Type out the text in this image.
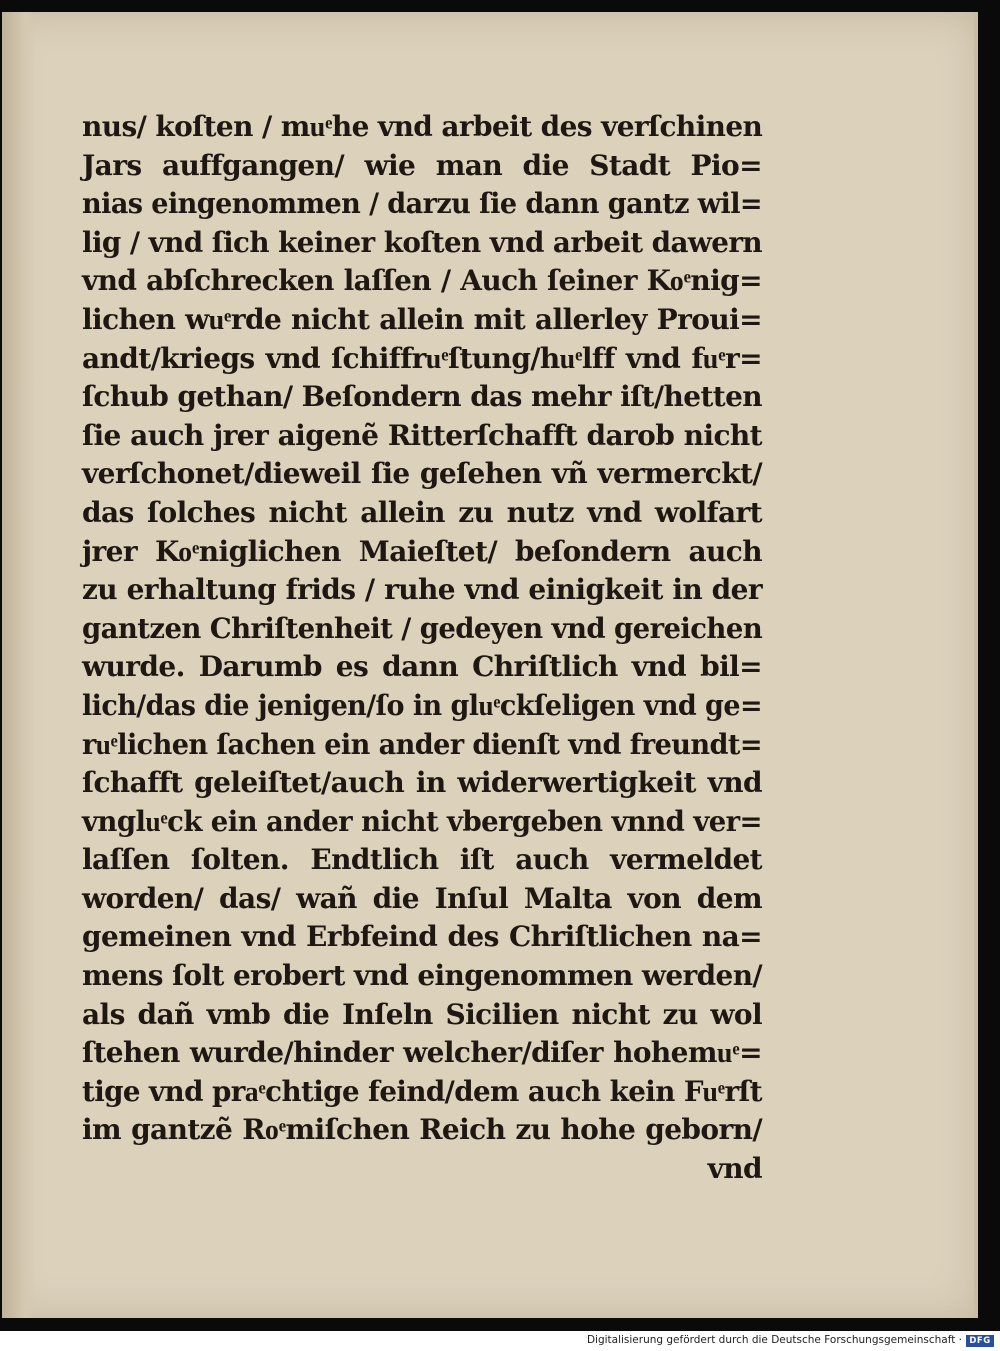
nus/ koſten / muͤhe vnd arbeit des verſchinen
Jars auffgangen/ wie man die Stadt Pio=
nias eingenommen / darzu ſie dann gantz wil=
lig / vnd ſich keiner koſten vnd arbeit dawern
vnd abſchrecken laſſen / Auch ſeiner Koͤnig=
lichen wuͤrde nicht allein mit allerley Proui=
andt/kriegs vnd ſchiffruͤſtung/huͤlff vnd fuͤr=
ſchub gethan/ Beſondern das mehr iſt/hetten
ſie auch jrer aigenẽ Ritterſchafft darob nicht
verſchonet/dieweil ſie geſehen vñ vermerckt/
das ſolches nicht allein zu nutz vnd wolfart
jrer Koͤniglichen Maieſtet/ beſondern auch
zu erhaltung frids / ruhe vnd einigkeit in der
gantzen Chriſtenheit / gedeyen vnd gereichen
wurde. Darumb es dann Chriſtlich vnd bil=
lich/das die jenigen/ſo in gluͤckſeligen vnd ge=
ruͤlichen ſachen ein ander dienſt vnd freundt=
ſchafft geleiſtet/auch in widerwertigkeit vnd
vngluͤck ein ander nicht vbergeben vnnd ver=
laſſen ſolten. Endtlich iſt auch vermeldet
worden/ das/ wañ die Inſul Malta von dem
gemeinen vnd Erbfeind des Chriſtlichen na=
mens ſolt erobert vnd eingenommen werden/
als dañ vmb die Inſeln Sicilien nicht zu wol
ſtehen wurde/hinder welcher/diſer hohemuͤ=
tige vnd praͤchtige feind/dem auch kein Fuͤrſt
im gantzẽ Roͤmiſchen Reich zu hohe geborn/
vnd
Digitalisierung gefördert durch die Deutsche Forschungsgemeinschaft · DFG
